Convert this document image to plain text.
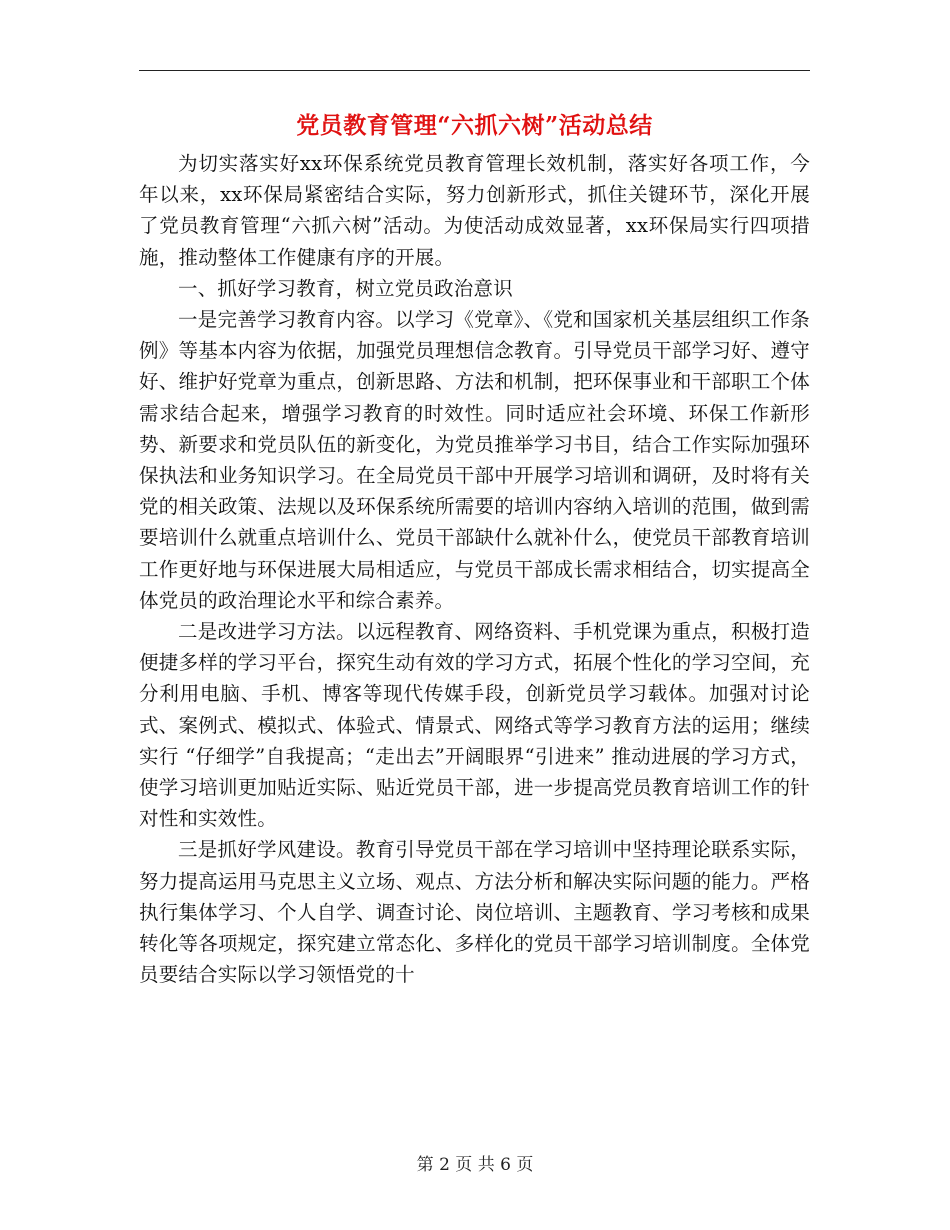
党员教育管理“六抓六树”活动总结

为切实落实好xx环保系统党员教育管理长效机制，落实好各项工作，今年以来，xx环保局紧密结合实际，努力创新形式，抓住关键环节，深化开展了党员教育管理“六抓六树”活动。为使活动成效显著，xx环保局实行四项措施，推动整体工作健康有序的开展。

一、抓好学习教育，树立党员政治意识

一是完善学习教育内容。以学习《党章》、《党和国家机关基层组织工作条例》等基本内容为依据，加强党员理想信念教育。引导党员干部学习好、遵守好、维护好党章为重点，创新思路、方法和机制，把环保事业和干部职工个体需求结合起来，增强学习教育的时效性。同时适应社会环境、环保工作新形势、新要求和党员队伍的新变化，为党员推举学习书目，结合工作实际加强环保执法和业务知识学习。在全局党员干部中开展学习培训和调研，及时将有关党的相关政策、法规以及环保系统所需要的培训内容纳入培训的范围，做到需要培训什么就重点培训什么、党员干部缺什么就补什么，使党员干部教育培训工作更好地与环保进展大局相适应，与党员干部成长需求相结合，切实提高全体党员的政治理论水平和综合素养。

二是改进学习方法。以远程教育、网络资料、手机党课为重点，积极打造便捷多样的学习平台，探究生动有效的学习方式，拓展个性化的学习空间，充分利用电脑、手机、博客等现代传媒手段，创新党员学习载体。加强对讨论式、案例式、模拟式、体验式、情景式、网络式等学习教育方法的运用；继续实行 “仔细学”自我提高；“走出去”开阔眼界“引进来” 推动进展的学习方式，使学习培训更加贴近实际、贴近党员干部，进一步提高党员教育培训工作的针对性和实效性。

三是抓好学风建设。教育引导党员干部在学习培训中坚持理论联系实际，努力提高运用马克思主义立场、观点、方法分析和解决实际问题的能力。严格执行集体学习、个人自学、调查讨论、岗位培训、主题教育、学习考核和成果转化等各项规定，探究建立常态化、多样化的党员干部学习培训制度。全体党员要结合实际以学习领悟党的十

第 2 页 共 6 页
